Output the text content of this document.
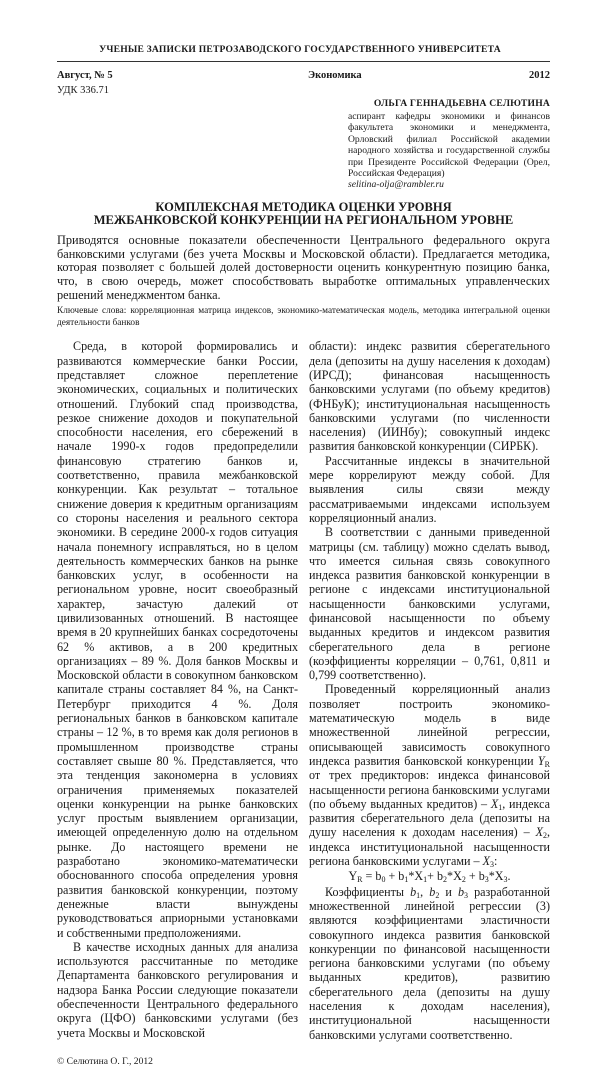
УЧЕНЫЕ ЗАПИСКИ ПЕТРОЗАВОДСКОГО ГОСУДАРСТВЕННОГО УНИВЕРСИТЕТА
Август, № 5	Экономика	2012
УДК 336.71
ОЛЬГА ГЕННАДЬЕВНА СЕЛЮТИНА
аспирант кафедры экономики и финансов факультета экономики и менеджмента, Орловский филиал Российской академии народного хозяйства и государственной службы при Президенте Российской Федерации (Орел, Российская Федерация)
selitina-olja@rambler.ru
КОМПЛЕКСНАЯ МЕТОДИКА ОЦЕНКИ УРОВНЯ
МЕЖБАНКОВСКОЙ КОНКУРЕНЦИИ НА РЕГИОНАЛЬНОМ УРОВНЕ
Приводятся основные показатели обеспеченности Центрального федерального округа банковскими услугами (без учета Москвы и Московской области). Предлагается методика, которая позволяет с большей долей достоверности оценить конкурентную позицию банка, что, в свою очередь, может способствовать выработке оптимальных управленческих решений менеджментом банка.
Ключевые слова: корреляционная матрица индексов, экономико-математическая модель, методика интегральной оценки деятельности банков

Среда, в которой формировались и развиваются коммерческие банки России, представляет сложное переплетение экономических, социальных и политических отношений. Глубокий спад производства, резкое снижение доходов и покупательной способности населения, его сбережений в начале 1990-х годов предопределили финансовую стратегию банков и, соответственно, правила межбанковской конкуренции. Как результат – тотальное снижение доверия к кредитным организациям со стороны населения и реального сектора экономики. В середине 2000-х годов ситуация начала понемногу исправляться, но в целом деятельность коммерческих банков на рынке банковских услуг, в особенности на региональном уровне, носит своеобразный характер, зачастую далекий от цивилизованных отношений. В настоящее время в 20 крупнейших банках сосредоточены 62 % активов, а в 200 кредитных организациях – 89 %. Доля банков Москвы и Московской области в совокупном банковском капитале страны составляет 84 %, на Санкт-Петербург приходится 4 %. Доля региональных банков в банковском капитале страны – 12 %, в то время как доля регионов в промышленном производстве страны составляет свыше 80 %. Представляется, что эта тенденция закономерна в условиях ограничения применяемых показателей оценки конкуренции на рынке банковских услуг простым выявлением организации, имеющей определенную долю на отдельном рынке. До настоящего времени не разработано экономико-математически обоснованного способа определения уровня развития банковской конкуренции, поэтому денежные власти вынуждены руководствоваться априорными установками и собственными предположениями.

В качестве исходных данных для анализа используются рассчитанные по методике Департамента банковского регулирования и надзора Банка России следующие показатели обеспеченности Центрального федерального округа (ЦФО) банковскими услугами (без учета Москвы и Московской

области): индекс развития сберегательного дела (депозиты на душу населения к доходам) (ИРСД); финансовая насыщенность банковскими услугами (по объему кредитов) (ФНБуК); институциональная насыщенность банковскими услугами (по численности населения) (ИИНбу); совокупный индекс развития банковской конкуренции (СИРБК).

Рассчитанные индексы в значительной мере коррелируют между собой. Для выявления силы связи между рассматриваемыми индексами используем корреляционный анализ.

В соответствии с данными приведенной матрицы (см. таблицу) можно сделать вывод, что имеется сильная связь совокупного индекса развития банковской конкуренции в регионе с индексами институциональной насыщенности банковскими услугами, финансовой насыщенности по объему выданных кредитов и индексом развития сберегательного дела в регионе (коэффициенты корреляции – 0,761, 0,811 и 0,799 соответственно).

Проведенный корреляционный анализ позволяет построить экономико-математическую модель в виде множественной линейной регрессии, описывающей зависимость совокупного индекса развития банковской конкуренции $Y_R$ от трех предикторов: индекса финансовой насыщенности региона банковскими услугами (по объему выданных кредитов) – $X_1$, индекса развития сберегательного дела (депозиты на душу населения к доходам населения) – $X_2$, индекса институциональной насыщенности региона банковскими услугами – $X_3$:

$Y_R = b_0 + b_1*X_1+ b_2*X_2 + b_3*X_3$.

Коэффициенты $b_1$, $b_2$ и $b_3$ разработанной множественной линейной регрессии (3) являются коэффициентами эластичности совокупного индекса развития банковской конкуренции по финансовой насыщенности региона банковскими услугами (по объему выданных кредитов), развитию сберегательного дела (депозиты на душу населения к доходам населения), институциональной насыщенности банковскими услугами соответственно.

© Селютина О. Г., 2012
